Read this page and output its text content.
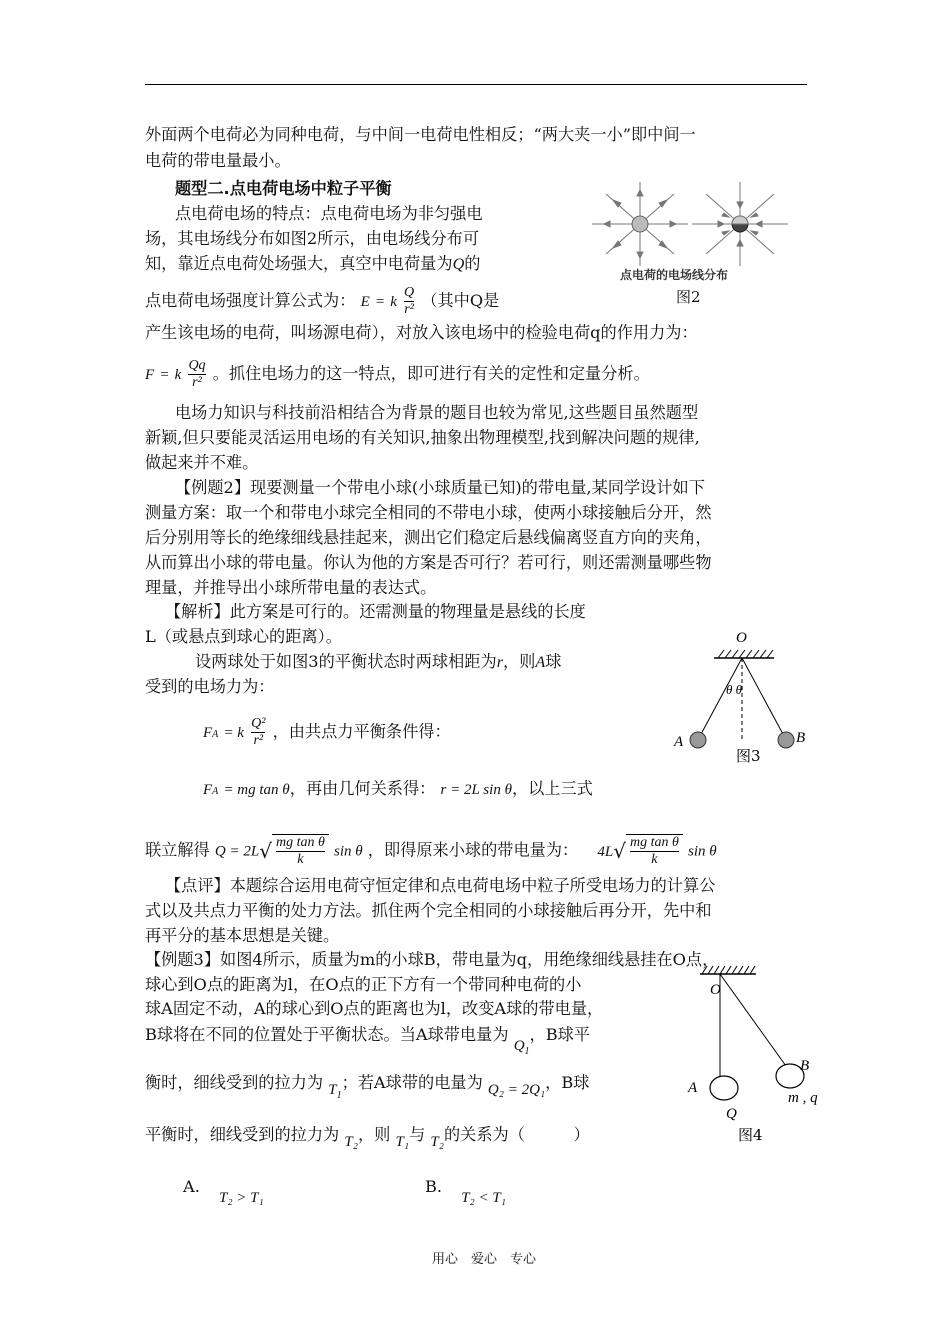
外面两个电荷必为同种电荷，与中间一电荷电性相反；“两大夹一小”即中间一
电荷的带电量最小。
题型二.点电荷电场中粒子平衡
点电荷电场的特点：点电荷电场为非匀强电
场，其电场线分布如图2所示，由电场线分布可
知，靠近点电荷处场强大，真空中电荷量为Q的
点电荷电场强度计算公式为： E = k $\frac{Q}{\text{r²}}$ （其中Q是
产生该电场的电荷，叫场源电荷），对放入该电场中的检验电荷q的作用力为：
F = k $\frac{Qq}{\text{r²}}$ 。抓住电场力的这一特点，即可进行有关的定性和定量分析。
电场力知识与科技前沿相结合为背景的题目也较为常见,这些题目虽然题型
新颖,但只要能灵活运用电场的有关知识,抽象出物理模型,找到解决问题的规律,
做起来并不难。
点电荷的电场线分布
图2
【例题2】现要测量一个带电小球(小球质量已知)的带电量,某同学设计如下
测量方案：取一个和带电小球完全相同的不带电小球，使两小球接触后分开，然
后分别用等长的绝缘细线悬挂起来，测出它们稳定后悬线偏离竖直方向的夹角，
从而算出小球的带电量。你认为他的方案是否可行？若可行，则还需测量哪些物
理量，并推导出小球所带电量的表达式。
【解析】此方案是可行的。还需测量的物理量是悬线的长度
L（或悬点到球心的距离）。
设两球处于如图3的平衡状态时两球相距为r，则A球
受到的电场力为：
FA = k $\frac{\text{Q²}}{\text{r²}}$ ，由共点力平衡条件得：
FA = mg tan θ，再由几何关系得： r = 2L sin θ，以上三式
联立解得 $Q = 2L√ \frac{\text{mg tan θ}}{k}$ sin θ ，即得原来小球的带电量为： $4L√ \frac{\text{mg tan θ}}{k}$ sin θ
O
θ θ
A	B
图3
【点评】本题综合运用电荷守恒定律和点电荷电场中粒子所受电场力的计算公
式以及共点力平衡的处力方法。抓住两个完全相同的小球接触后再分开，先中和
再平分的基本思想是关键。
【例题3】如图4所示，质量为m的小球B，带电量为q，用绝缘细线悬挂在O点，
球心到O点的距离为l，在O点的正下方有一个带同种电荷的小
球A固定不动，A的球心到O点的距离也为l，改变A球的带电量，
B球将在不同的位置处于平衡状态。当A球带电量为 $Q_1$，B球平
衡时，细线受到的拉力为 $T_1$；若A球带的电量为 Q₂ = 2Q₁，B球
平衡时，细线受到的拉力为 T₂，则 T₁与 T₂的关系为（　　　）
A. T₂ > T₁
B. T₂ < T₁
O
A
Q
B
m , q
图4
用心　爱心　专心
